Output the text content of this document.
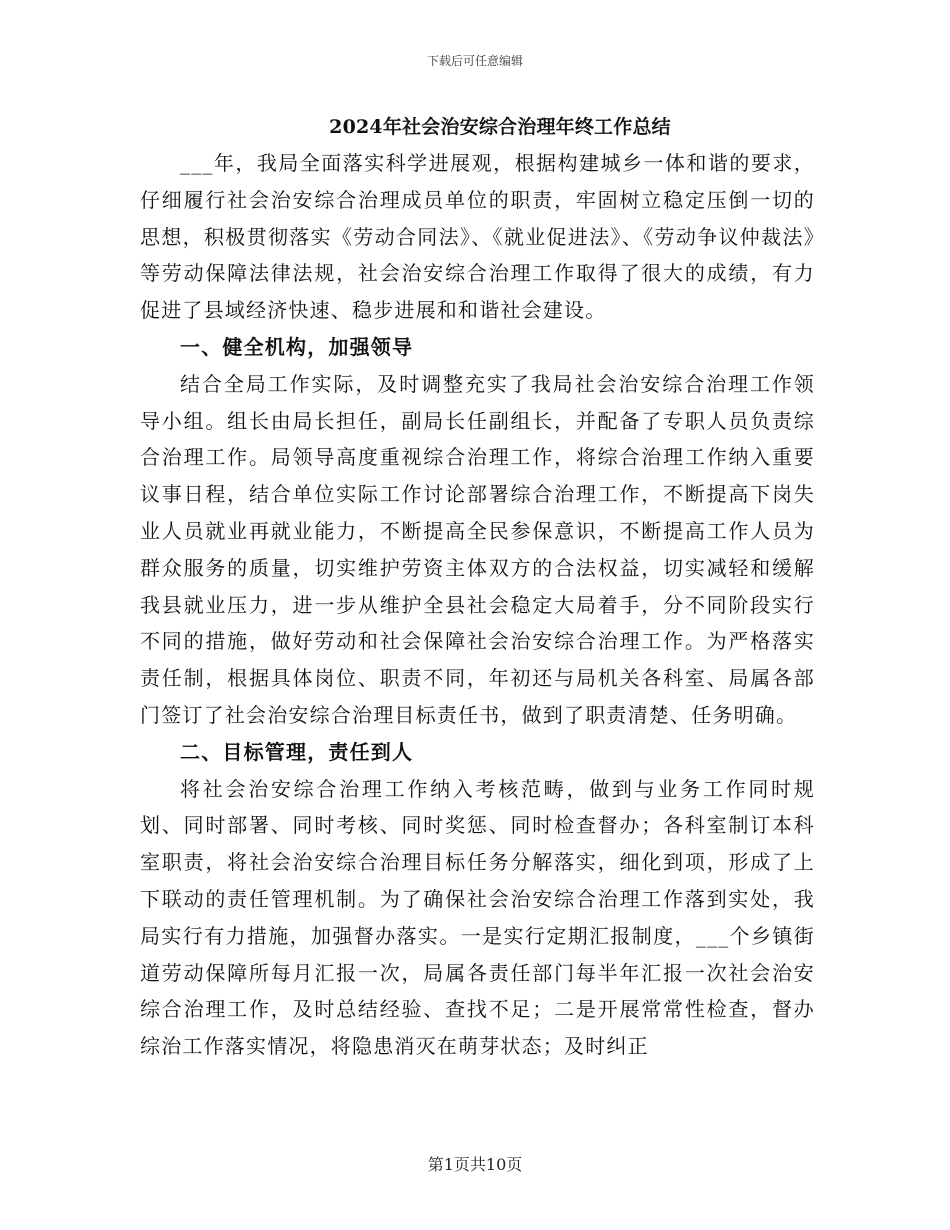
下载后可任意编辑
2024年社会治安综合治理年终工作总结

___年，我局全面落实科学进展观，根据构建城乡一体和谐的要求，仔细履行社会治安综合治理成员单位的职责，牢固树立稳定压倒一切的思想，积极贯彻落实《劳动合同法》、《就业促进法》、《劳动争议仲裁法》等劳动保障法律法规，社会治安综合治理工作取得了很大的成绩，有力促进了县域经济快速、稳步进展和和谐社会建设。

一、健全机构，加强领导

结合全局工作实际，及时调整充实了我局社会治安综合治理工作领导小组。组长由局长担任，副局长任副组长，并配备了专职人员负责综合治理工作。局领导高度重视综合治理工作，将综合治理工作纳入重要议事日程，结合单位实际工作讨论部署综合治理工作，不断提高下岗失业人员就业再就业能力，不断提高全民参保意识，不断提高工作人员为群众服务的质量，切实维护劳资主体双方的合法权益，切实减轻和缓解我县就业压力，进一步从维护全县社会稳定大局着手，分不同阶段实行不同的措施，做好劳动和社会保障社会治安综合治理工作。为严格落实责任制，根据具体岗位、职责不同，年初还与局机关各科室、局属各部门签订了社会治安综合治理目标责任书，做到了职责清楚、任务明确。

二、目标管理，责任到人

将社会治安综合治理工作纳入考核范畴，做到与业务工作同时规划、同时部署、同时考核、同时奖惩、同时检查督办；各科室制订本科室职责，将社会治安综合治理目标任务分解落实，细化到项，形成了上下联动的责任管理机制。为了确保社会治安综合治理工作落到实处，我局实行有力措施，加强督办落实。一是实行定期汇报制度，___个乡镇街道劳动保障所每月汇报一次，局属各责任部门每半年汇报一次社会治安综合治理工作，及时总结经验、查找不足；二是开展常常性检查，督办综治工作落实情况，将隐患消灭在萌芽状态；及时纠正

第1页共10页
